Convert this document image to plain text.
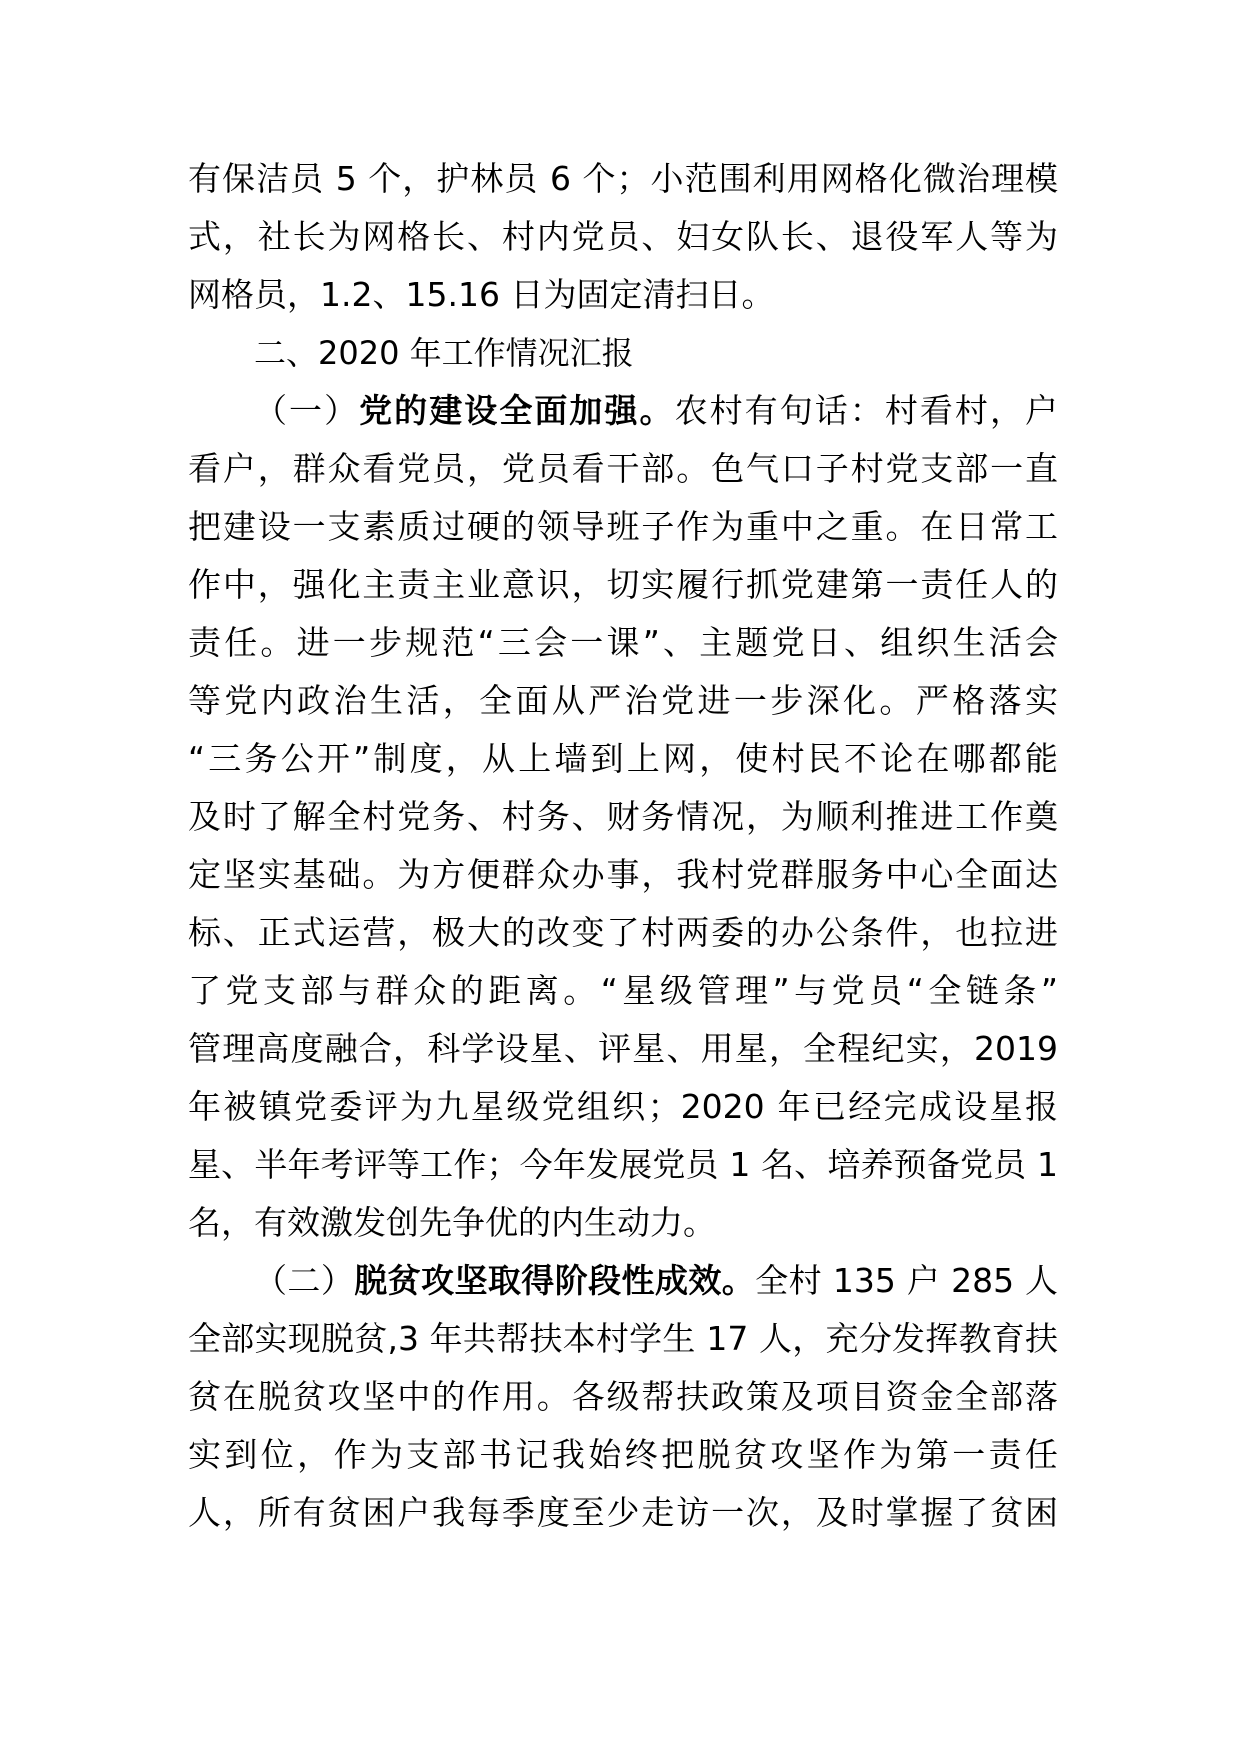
有保洁员 5 个，护林员 6 个；小范围利用网格化微治理模
式，社长为网格长、村内党员、妇女队长、退役军人等为
网格员，1.2、15.16 日为固定清扫日。
二、2020 年工作情况汇报
（一）党的建设全面加强。农村有句话：村看村，户
看户，群众看党员，党员看干部。色气口子村党支部一直
把建设一支素质过硬的领导班子作为重中之重。在日常工
作中，强化主责主业意识，切实履行抓党建第一责任人的
责任。进一步规范“三会一课”、主题党日、组织生活会
等党内政治生活，全面从严治党进一步深化。严格落实
“三务公开”制度，从上墙到上网，使村民不论在哪都能
及时了解全村党务、村务、财务情况，为顺利推进工作奠
定坚实基础。为方便群众办事，我村党群服务中心全面达
标、正式运营，极大的改变了村两委的办公条件，也拉进
了党支部与群众的距离。“星级管理”与党员“全链条”
管理高度融合，科学设星、评星、用星，全程纪实，2019
年被镇党委评为九星级党组织；2020 年已经完成设星报
星、半年考评等工作；今年发展党员 1 名、培养预备党员 1
名，有效激发创先争优的内生动力。
（二）脱贫攻坚取得阶段性成效。全村 135 户 285 人
全部实现脱贫,3 年共帮扶本村学生 17 人，充分发挥教育扶
贫在脱贫攻坚中的作用。各级帮扶政策及项目资金全部落
实到位，作为支部书记我始终把脱贫攻坚作为第一责任
人，所有贫困户我每季度至少走访一次，及时掌握了贫困
